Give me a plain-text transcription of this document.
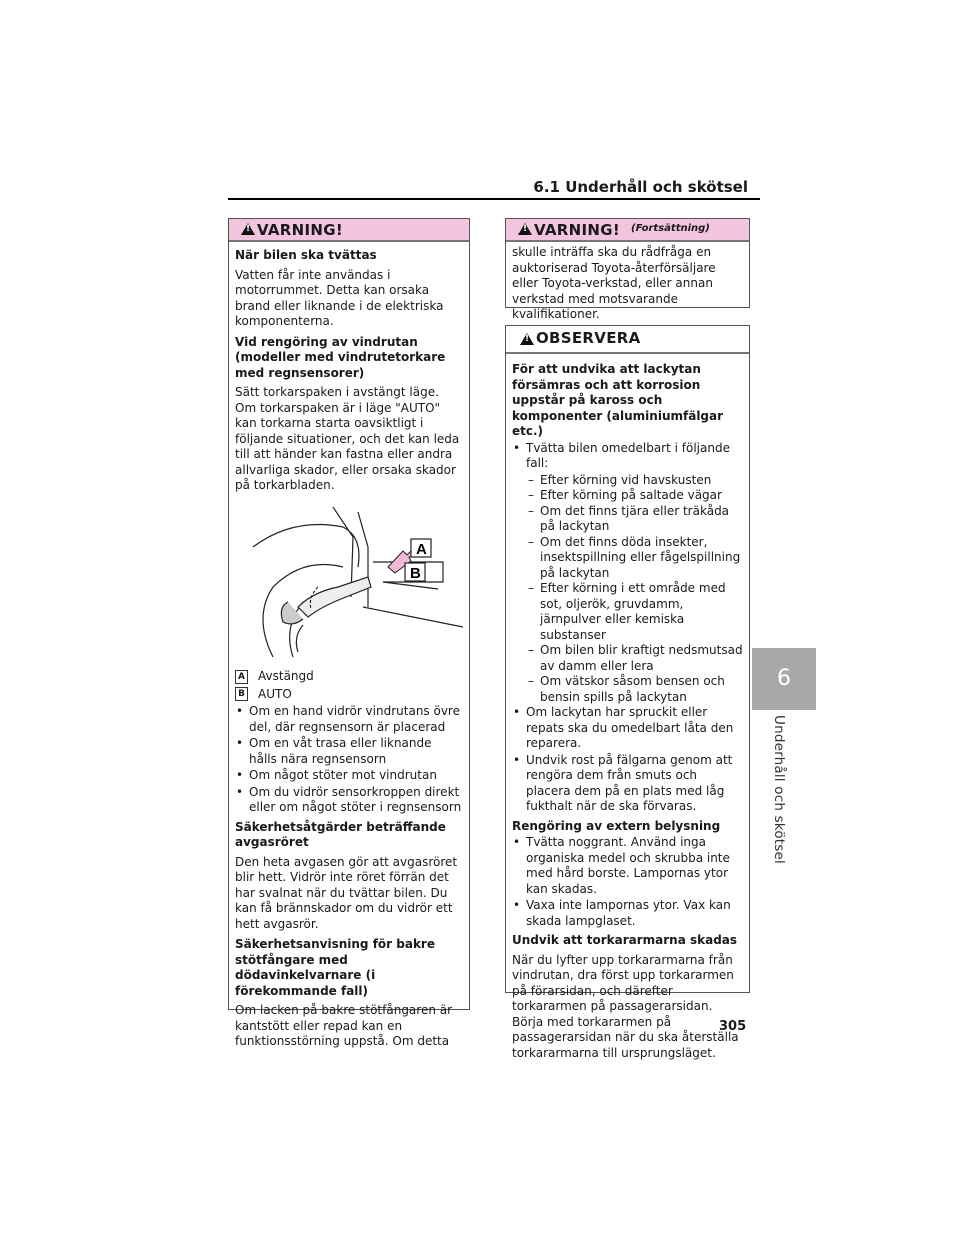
6.1 Underhåll och skötsel
6
Underhåll och skötsel
!
VARNING!

När bilen ska tvättas

Vatten får inte användas i motorrummet. Detta kan orsaka brand eller liknande i de elektriska komponenterna.

Vid rengöring av vindrutan (modeller med vindrutetorkare med regnsensorer)

Sätt torkarspaken i avstängt läge. Om torkarspaken är i läge "AUTO" kan torkarna starta oavsiktligt i följande situationer, och det kan leda till att händer kan fastna eller andra allvarliga skador, eller orsaka skador på torkarbladen.

A
B
A Avstängd
B AUTO
• Om en hand vidrör vindrutans övre del, där regnsensorn är placerad
• Om en våt trasa eller liknande hålls nära regnsensorn
• Om något stöter mot vindrutan
• Om du vidrör sensorkroppen direkt eller om något stöter i regnsensorn

Säkerhetsåtgärder beträffande avgasröret

Den heta avgasen gör att avgasröret blir hett. Vidrör inte röret förrän det har svalnat när du tvättar bilen. Du kan få brännskador om du vidrör ett hett avgasrör.

Säkerhetsanvisning för bakre stötfångare med dödavinkelvarnare (i förekommande fall)

Om lacken på bakre stötfångaren är kantstött eller repad kan en funktionsstörning uppstå. Om detta

!
VARNING! (Fortsättning)

skulle inträffa ska du rådfråga en auktoriserad Toyota-återförsäljare eller Toyota-verkstad, eller annan verkstad med motsvarande kvalifikationer.

!
OBSERVERA

För att undvika att lackytan försämras och att korrosion uppstår på kaross och komponenter (aluminiumfälgar etc.)

• Tvätta bilen omedelbart i följande fall:
– Efter körning vid havskusten
– Efter körning på saltade vägar
– Om det finns tjära eller träkåda på lackytan
– Om det finns döda insekter, insektspillning eller fågelspillning på lackytan
– Efter körning i ett område med sot, oljerök, gruvdamm, järnpulver eller kemiska substanser
– Om bilen blir kraftigt nedsmutsad av damm eller lera
– Om vätskor såsom bensen och bensin spills på lackytan
• Om lackytan har spruckit eller repats ska du omedelbart låta den reparera.
• Undvik rost på fälgarna genom att rengöra dem från smuts och placera dem på en plats med låg fukthalt när de ska förvaras.

Rengöring av extern belysning

• Tvätta noggrant. Använd inga organiska medel och skrubba inte med hård borste. Lampornas ytor kan skadas.
• Vaxa inte lampornas ytor. Vax kan skada lampglaset.

Undvik att torkararmarna skadas

När du lyfter upp torkararmarna från vindrutan, dra först upp torkararmen på förarsidan, och därefter torkararmen på passagerarsidan. Börja med torkararmen på passagerarsidan när du ska återställa torkararmarna till ursprungsläget.

305
